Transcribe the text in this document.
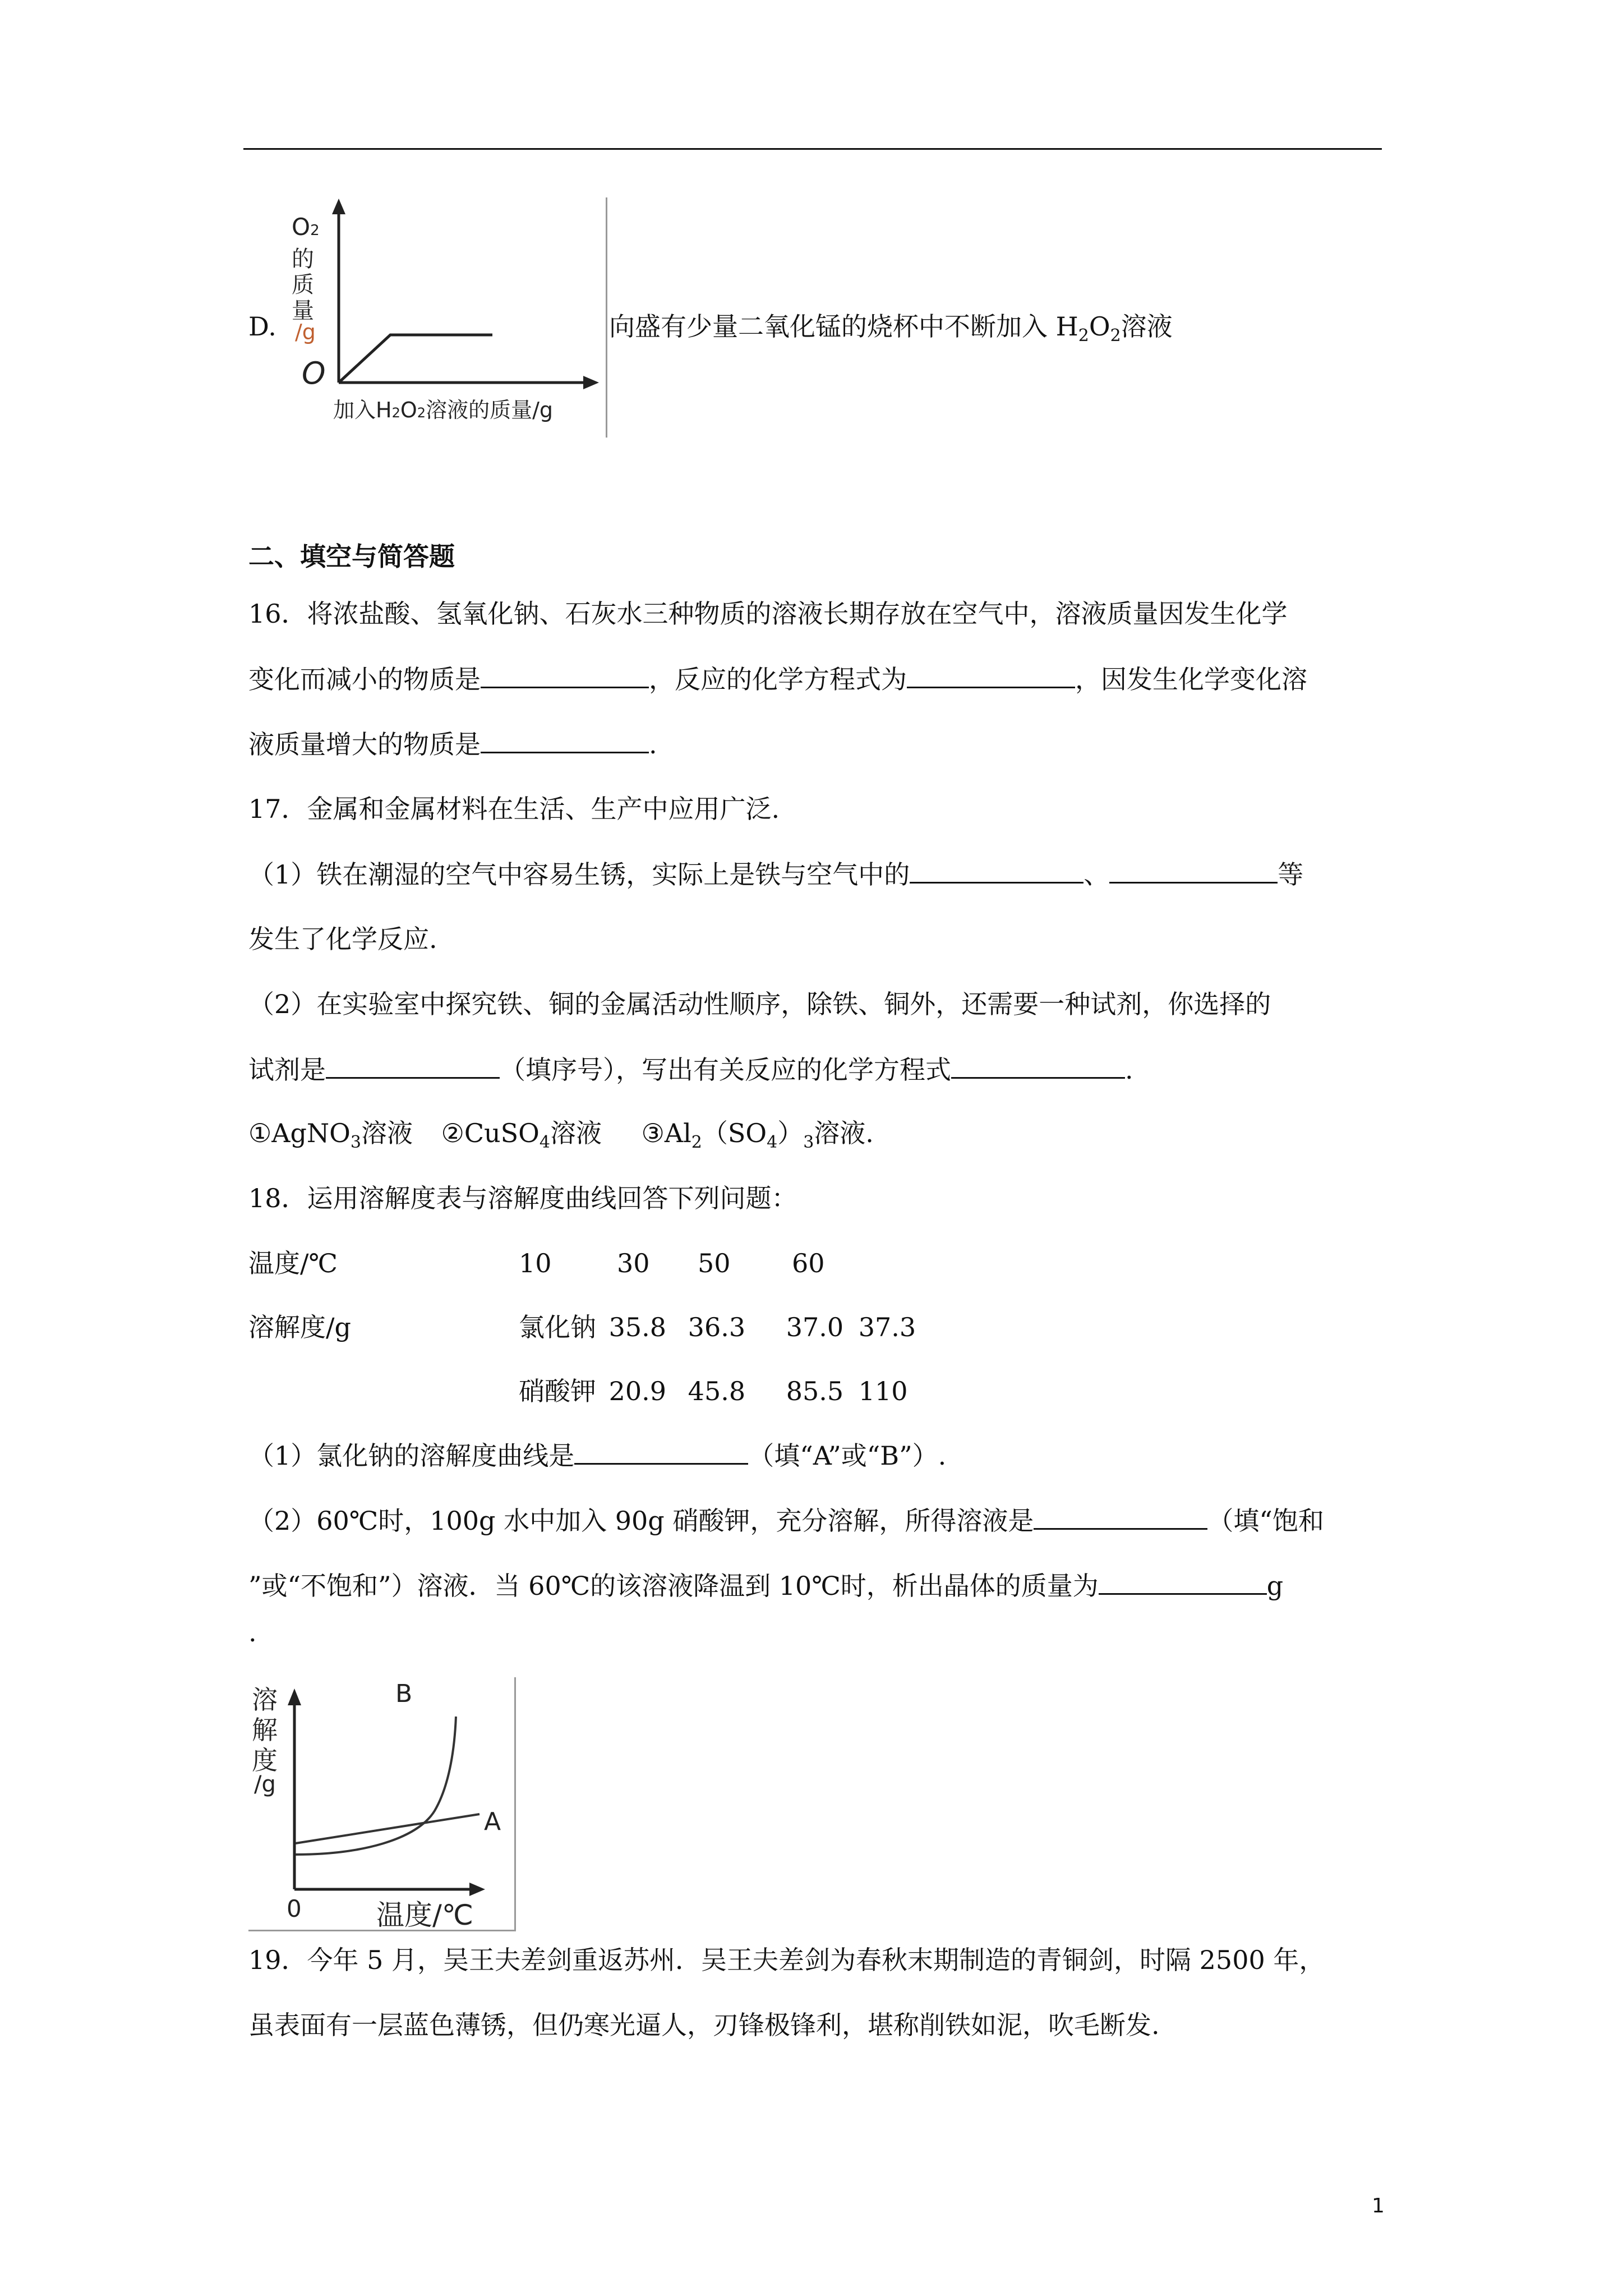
O2
的
质
量
/g
O
加入H2O2溶液的质量/g
D.	向盛有少量二氧化锰的烧杯中不断加入 $H_2O_2$溶液
二、填空与简答题
16．将浓盐酸、氢氧化钠、石灰水三种物质的溶液长期存放在空气中，溶液质量因发生化学
变化而减小的物质是	，反应的化学方程式为	，因发生化学变化溶
液质量增大的物质是	.
17．金属和金属材料在生活、生产中应用广泛.
（1）铁在潮湿的空气中容易生锈，实际上是铁与空气中的	、	等
发生了化学反应.
（2）在实验室中探究铁、铜的金属活动性顺序，除铁、铜外，还需要一种试剂，你选择的
试剂是	（填序号），写出有关反应的化学方程式	.
①AgNO$_3$溶液 ②CuSO$_4$溶液 $③Al_2(SO_4)_3$溶液.
18．运用溶解度表与溶解度曲线回答下列问题：
温度/℃	10	30 50 60
溶解度/g	氯化钠 35.8 36.3 37.0 37.3
硝酸钾 20.9 45.8 85.5 110
（1）氯化钠的溶解度曲线是	（填“A”或“B”）.
（2）60℃时，100g 水中加入 90g 硝酸钾，充分溶解，所得溶液是	（填“饱和
”或“不饱和”）溶液．当 60℃的该溶液降温到 10℃时，析出晶体的质量为	g
.
溶
解
度
/g
B
A
0	温度/℃
19．今年 5 月，吴王夫差剑重返苏州．吴王夫差剑为春秋末期制造的青铜剑，时隔 2500 年，
虽表面有一层蓝色薄锈，但仍寒光逼人，刃锋极锋利，堪称削铁如泥，吹毛断发.
1
